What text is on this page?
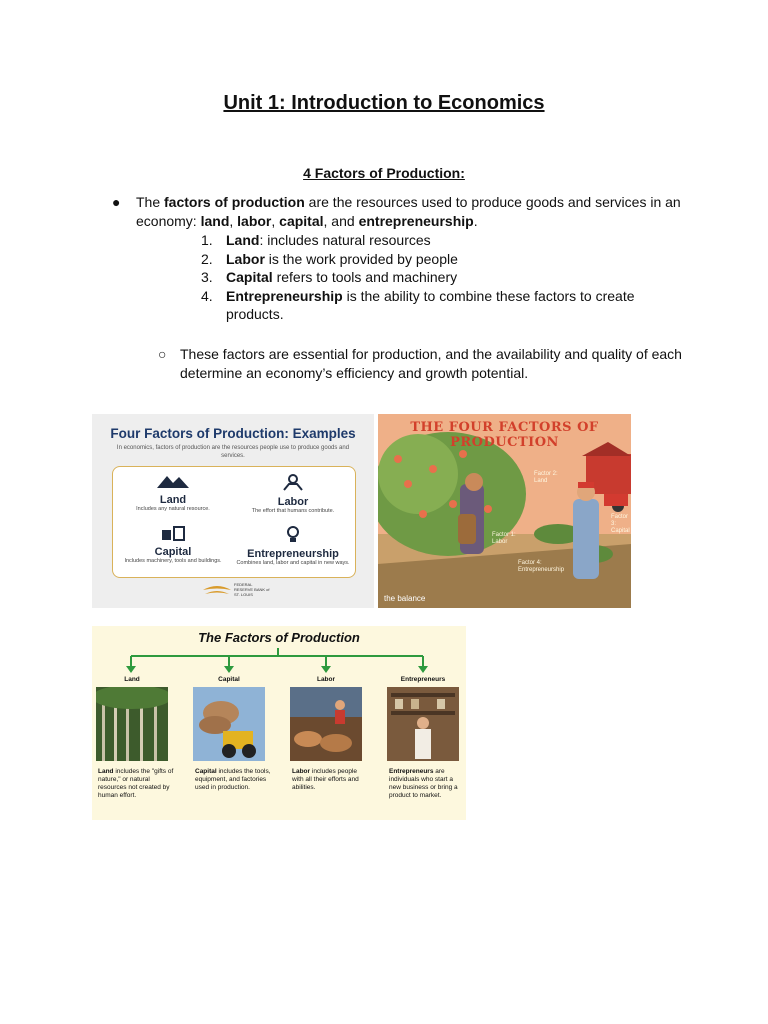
Unit 1: Introduction to Economics
4 Factors of Production:
● The factors of production are the resources used to produce goods and services in an economy: land, labor, capital, and entrepreneurship.
1. Land: includes natural resources
2. Labor is the work provided by people
3. Capital refers to tools and machinery
4. Entrepreneurship is the ability to combine these factors to create products.
○ These factors are essential for production, and the availability and quality of each determine an economy’s efficiency and growth potential.
Four Factors of Production: Examples
In economics, factors of production are the resources people use to produce goods and services.
Land
Includes any natural resource.
Labor
The effort that humans contribute.
Capital
Includes machinery, tools and buildings.
Entrepreneurship
Combines land, labor and capital in new ways.
FEDERAL RESERVE BANK of ST. LOUIS
THE FOUR FACTORS OF PRODUCTION
Factor 2:
Land
Factor 3:
Capital
Factor 1:
Labor
Factor 4:
Entrepreneurship
the balance
The Factors of Production
Land
Land includes the "gifts of nature," or natural resources not created by human effort.
Capital
Capital includes the tools, equipment, and factories used in production.
Labor
Labor includes people with all their efforts and abilities.
Entrepreneurs
Entrepreneurs are individuals who start a new business or bring a product to market.
